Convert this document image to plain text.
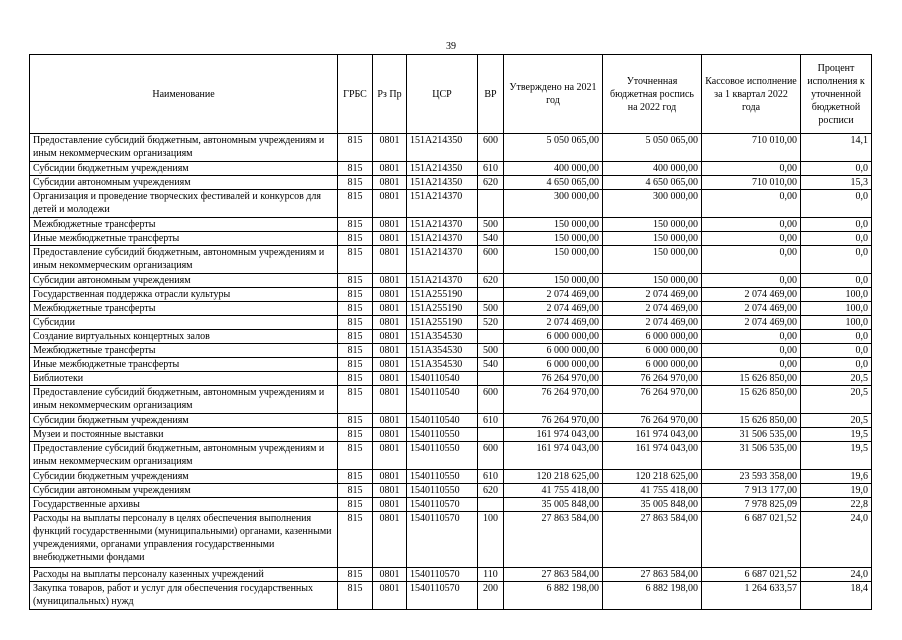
39
Наименование	ГРБС	Рз Пр	ЦСР	ВР	Утверждено на 2021 год	Уточненная бюджетная роспись на 2022 год	Кассовое исполнение за 1 квартал 2022 года	Процент исполнения к уточненной бюджетной росписи
Предоставление субсидий бюджетным, автономным учреждениям и иным некоммерческим организациям	815	0801	151A214350	600	5 050 065,00	5 050 065,00	710 010,00	14,1
Субсидии бюджетным учреждениям	815	0801	151A214350	610	400 000,00	400 000,00	0,00	0,0
Субсидии автономным учреждениям	815	0801	151A214350	620	4 650 065,00	4 650 065,00	710 010,00	15,3
Организация и проведение творческих фестивалей и конкурсов для детей и молодежи	815	0801	151A214370		300 000,00	300 000,00	0,00	0,0
Межбюджетные трансферты	815	0801	151A214370	500	150 000,00	150 000,00	0,00	0,0
Иные межбюджетные трансферты	815	0801	151A214370	540	150 000,00	150 000,00	0,00	0,0
Предоставление субсидий бюджетным, автономным учреждениям и иным некоммерческим организациям	815	0801	151A214370	600	150 000,00	150 000,00	0,00	0,0
Субсидии автономным учреждениям	815	0801	151A214370	620	150 000,00	150 000,00	0,00	0,0
Государственная поддержка отрасли культуры	815	0801	151A255190		2 074 469,00	2 074 469,00	2 074 469,00	100,0
Межбюджетные трансферты	815	0801	151A255190	500	2 074 469,00	2 074 469,00	2 074 469,00	100,0
Субсидии	815	0801	151A255190	520	2 074 469,00	2 074 469,00	2 074 469,00	100,0
Создание виртуальных концертных залов	815	0801	151A354530		6 000 000,00	6 000 000,00	0,00	0,0
Межбюджетные трансферты	815	0801	151A354530	500	6 000 000,00	6 000 000,00	0,00	0,0
Иные межбюджетные трансферты	815	0801	151A354530	540	6 000 000,00	6 000 000,00	0,00	0,0
Библиотеки	815	0801	1540110540		76 264 970,00	76 264 970,00	15 626 850,00	20,5
Предоставление субсидий бюджетным, автономным учреждениям и иным некоммерческим организациям	815	0801	1540110540	600	76 264 970,00	76 264 970,00	15 626 850,00	20,5
Субсидии бюджетным учреждениям	815	0801	1540110540	610	76 264 970,00	76 264 970,00	15 626 850,00	20,5
Музеи и постоянные выставки	815	0801	1540110550		161 974 043,00	161 974 043,00	31 506 535,00	19,5
Предоставление субсидий бюджетным, автономным учреждениям и иным некоммерческим организациям	815	0801	1540110550	600	161 974 043,00	161 974 043,00	31 506 535,00	19,5
Субсидии бюджетным учреждениям	815	0801	1540110550	610	120 218 625,00	120 218 625,00	23 593 358,00	19,6
Субсидии автономным учреждениям	815	0801	1540110550	620	41 755 418,00	41 755 418,00	7 913 177,00	19,0
Государственные архивы	815	0801	1540110570		35 005 848,00	35 005 848,00	7 978 825,09	22,8
Расходы на выплаты персоналу в целях обеспечения выполнения функций государственными (муниципальными) органами, казенными учреждениями, органами управления государственными внебюджетными фондами	815	0801	1540110570	100	27 863 584,00	27 863 584,00	6 687 021,52	24,0
Расходы на выплаты персоналу казенных учреждений	815	0801	1540110570	110	27 863 584,00	27 863 584,00	6 687 021,52	24,0
Закупка товаров, работ и услуг для обеспечения государственных (муниципальных) нужд	815	0801	1540110570	200	6 882 198,00	6 882 198,00	1 264 633,57	18,4
